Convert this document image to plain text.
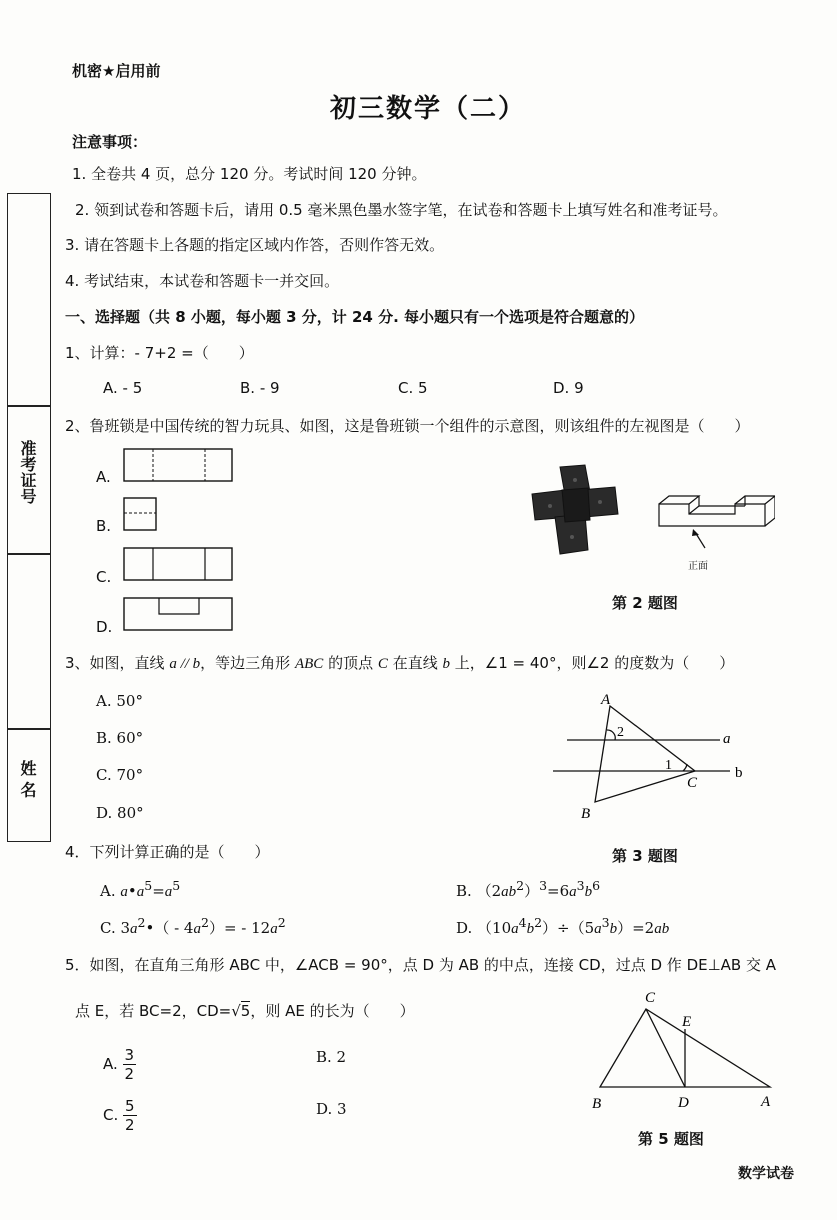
机密★启用前
初三数学（二）
注意事项：
1. 全卷共 4 页，总分 120 分。考试时间 120 分钟。
2. 领到试卷和答题卡后，请用 0.5 毫米黑色墨水签字笔，在试卷和答题卡上填写姓名和准考证号。
3. 请在答题卡上各题的指定区域内作答，否则作答无效。
4. 考试结束，本试卷和答题卡一并交回。
一、选择题（共 8 小题，每小题 3 分，计 24 分. 每小题只有一个选项是符合题意的）
准考证号
姓 名
1、计算：- 7+2 =（　　）
A. - 5	B. - 9	C. 5	D. 9
2、鲁班锁是中国传统的智力玩具、如图，这是鲁班锁一个组件的示意图，则该组件的左视图是（　　）
A.
B.
C.
D.
正面
第 2 题图
3、如图，直线 a // b，等边三角形 ABC 的顶点 C 在直线 b 上，∠1 = 40°，则∠2 的度数为（　　）
A. 50°
B. 60°
C. 70°
D. 80°
A
2	a
1	b
C
B
第 3 题图
4．下列计算正确的是（　　）
A. $a•a^5=a^5$	B. $(2ab^2)^3=6a^3b^6$
C. $3a^2•( - 4a^2)= - 12a^2$	D. $(10a^4b^2)\div(5a^3b)=2ab$
5．如图，在直角三角形 ABC 中，∠ACB = 90°，点 D 为 AB 的中点，连接 CD，过点 D 作 DE⊥AB 交 A
点 E，若 BC=2，CD=√5，则 AE 的长为（　　）
A. $\frac{3}{2}$	B. 2
C. $\frac{5}{2}$	D. 3
C
E
B	D	A
第 5 题图
数学试卷
